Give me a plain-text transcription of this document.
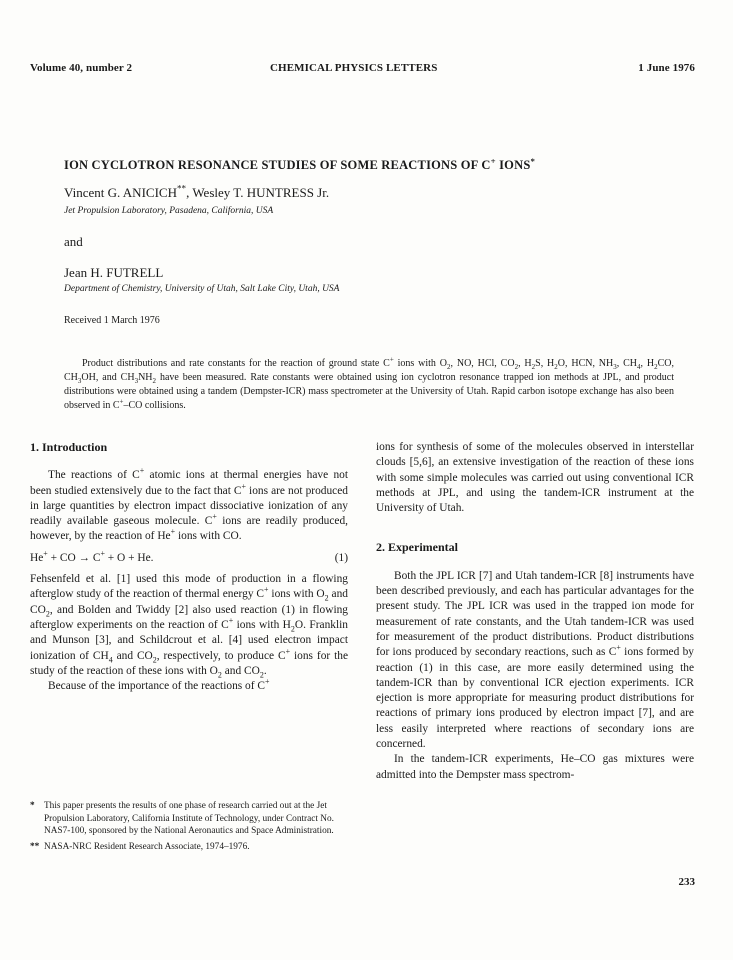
Volume 40, number 2	CHEMICAL PHYSICS LETTERS	1 June 1976
ION CYCLOTRON RESONANCE STUDIES OF SOME REACTIONS OF C+ IONS*
Vincent G. ANICICH**, Wesley T. HUNTRESS Jr.
Jet Propulsion Laboratory, Pasadena, California, USA
and
Jean H. FUTRELL
Department of Chemistry, University of Utah, Salt Lake City, Utah, USA
Received 1 March 1976
Product distributions and rate constants for the reaction of ground state C+ ions with $O_2$, NO, HCl, $CO_2$, $H_2S$, $H_2O$, HCN, $NH_3$, $CH_4$, $H_2CO$, $CH_3OH$, and $CH_3NH_2$ have been measured. Rate constants were obtained using ion cyclotron resonance trapped ion methods at JPL, and product distributions were obtained using a tandem (Dempster-ICR) mass spectrometer at the University of Utah. Rapid carbon isotope exchange has also been observed in C+–CO collisions.

1. Introduction

The reactions of C+ atomic ions at thermal energies have not been studied extensively due to the fact that C+ ions are not produced in large quantities by electron impact dissociative ionization of any readily available gaseous molecule. C+ ions are readily produced, however, by the reaction of He+ ions with CO.

He+ + CO → C+ + O + He.	(1)

Fehsenfeld et al. [1] used this mode of production in a flowing afterglow study of the reaction of thermal energy C+ ions with $O_2$ and $CO_2$, and Bolden and Twiddy [2] also used reaction (1) in flowing afterglow experiments on the reaction of C+ ions with $H_2O$. Franklin and Munson [3], and Schildcrout et al. [4] used electron impact ionization of $CH_4$ and $CO_2$, respectively, to produce C+ ions for the study of the reaction of these ions with $O_2$ and $CO_2$.

Because of the importance of the reactions of C+

*	This paper presents the results of one phase of research carried out at the Jet Propulsion Laboratory, California Institute of Technology, under Contract No. NAS7-100, sponsored by the National Aeronautics and Space Administration.
** NASA-NRC Resident Research Associate, 1974–1976.

ions for synthesis of some of the molecules observed in interstellar clouds [5,6], an extensive investigation of the reaction of these ions with some simple molecules was carried out using conventional ICR methods at JPL, and using the tandem-ICR instrument at the University of Utah.

2. Experimental

Both the JPL ICR [7] and Utah tandem-ICR [8] instruments have been described previously, and each has particular advantages for the present study. The JPL ICR was used in the trapped ion mode for measurement of rate constants, and the Utah tandem-ICR was used for measurement of the product distributions. Product distributions for ions produced by secondary reactions, such as C+ ions formed by reaction (1) in this case, are more easily determined using the tandem-ICR than by conventional ICR ejection experiments. ICR ejection is more appropriate for measuring product distributions for reactions of primary ions produced by electron impact [7], and are less easily interpreted where reactions of secondary ions are concerned.

In the tandem-ICR experiments, He–CO gas mixtures were admitted into the Dempster mass spectrom-

233
